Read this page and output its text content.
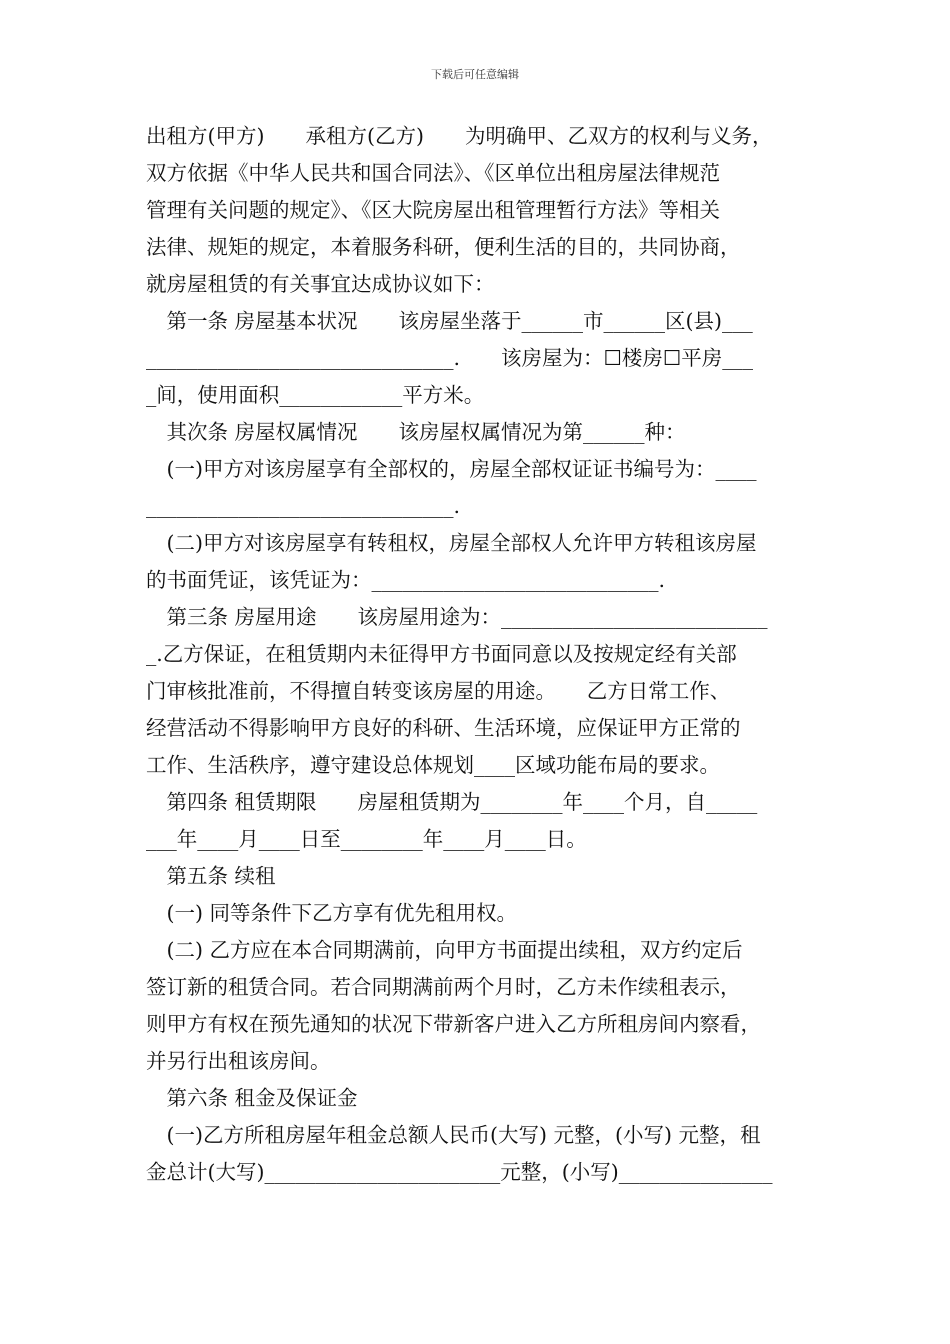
下载后可任意编辑
出租方(甲方)　　承租方(乙方)　　为明确甲、乙双方的权利与义务，
双方依据《中华人民共和国合同法》、《区单位出租房屋法律规范
管理有关问题的规定》、《区大院房屋出租管理暂行方法》等相关
法律、规矩的规定，本着服务科研，便利生活的目的，共同协商，
就房屋租赁的有关事宜达成协议如下：
　第一条 房屋基本状况　　该房屋坐落于______市______区(县)___
______________________________.　　该房屋为：☐楼房☐平房___
_间，使用面积____________平方米。
　其次条 房屋权属情况　　该房屋权属情况为第______种：
　(一)甲方对该房屋享有全部权的，房屋全部权证证书编号为：____
______________________________.
　(二)甲方对该房屋享有转租权，房屋全部权人允许甲方转租该房屋
的书面凭证，该凭证为：____________________________.
　第三条 房屋用途　　该房屋用途为：__________________________
_.乙方保证，在租赁期内未征得甲方书面同意以及按规定经有关部
门审核批准前，不得擅自转变该房屋的用途。　　乙方日常工作、
经营活动不得影响甲方良好的科研、生活环境，应保证甲方正常的
工作、生活秩序，遵守建设总体规划____区域功能布局的要求。
　第四条 租赁期限　　房屋租赁期为________年____个月，自_____
___年____月____日至________年____月____日。
　第五条 续租
　(一) 同等条件下乙方享有优先租用权。
　(二) 乙方应在本合同期满前，向甲方书面提出续租，双方约定后
签订新的租赁合同。若合同期满前两个月时，乙方未作续租表示，
则甲方有权在预先通知的状况下带新客户进入乙方所租房间内察看，
并另行出租该房间。
　第六条 租金及保证金
　(一)乙方所租房屋年租金总额人民币(大写) 元整，(小写) 元整，租
金总计(大写)_______________________元整，(小写)_______________
